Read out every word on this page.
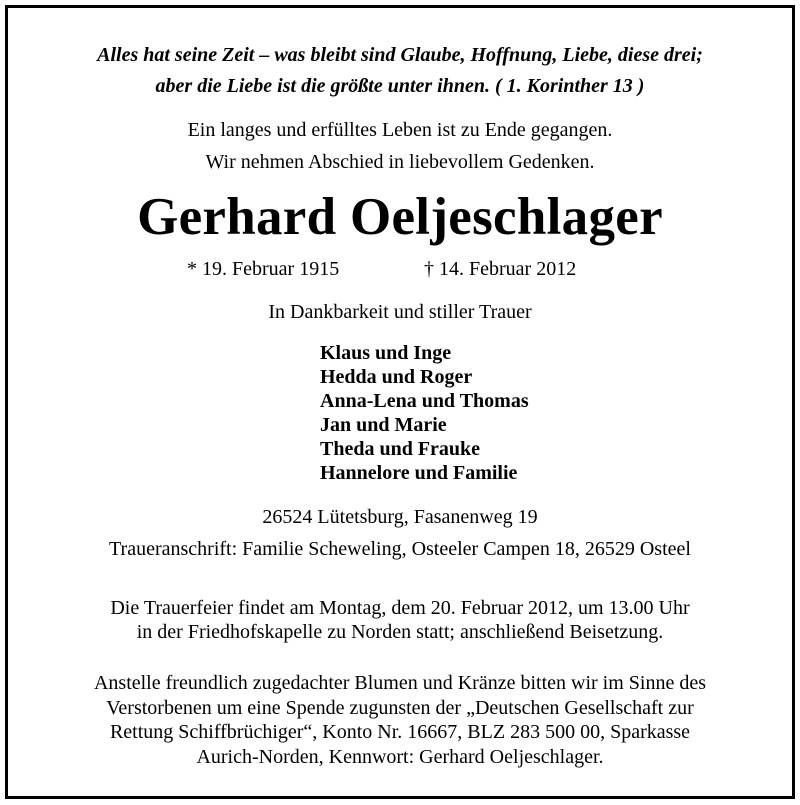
Alles hat seine Zeit – was bleibt sind Glaube, Hoffnung, Liebe, diese drei;
aber die Liebe ist die größte unter ihnen. ( 1. Korinther 13 )
Ein langes und erfülltes Leben ist zu Ende gegangen.
Wir nehmen Abschied in liebevollem Gedenken.
Gerhard Oeljeschlager
* 19. Februar 1915	† 14. Februar 2012
In Dankbarkeit und stiller Trauer
Klaus und Inge
Hedda und Roger
Anna-Lena und Thomas
Jan und Marie
Theda und Frauke
Hannelore und Familie
26524 Lütetsburg, Fasanenweg 19
Traueranschrift: Familie Scheweling, Osteeler Campen 18, 26529 Osteel
Die Trauerfeier findet am Montag, dem 20. Februar 2012, um 13.00 Uhr
in der Friedhofskapelle zu Norden statt; anschließend Beisetzung.
Anstelle freundlich zugedachter Blumen und Kränze bitten wir im Sinne des
Verstorbenen um eine Spende zugunsten der „Deutschen Gesellschaft zur
Rettung Schiffbrüchiger“, Konto Nr. 16667, BLZ 283 500 00, Sparkasse
Aurich-Norden, Kennwort: Gerhard Oeljeschlager.
